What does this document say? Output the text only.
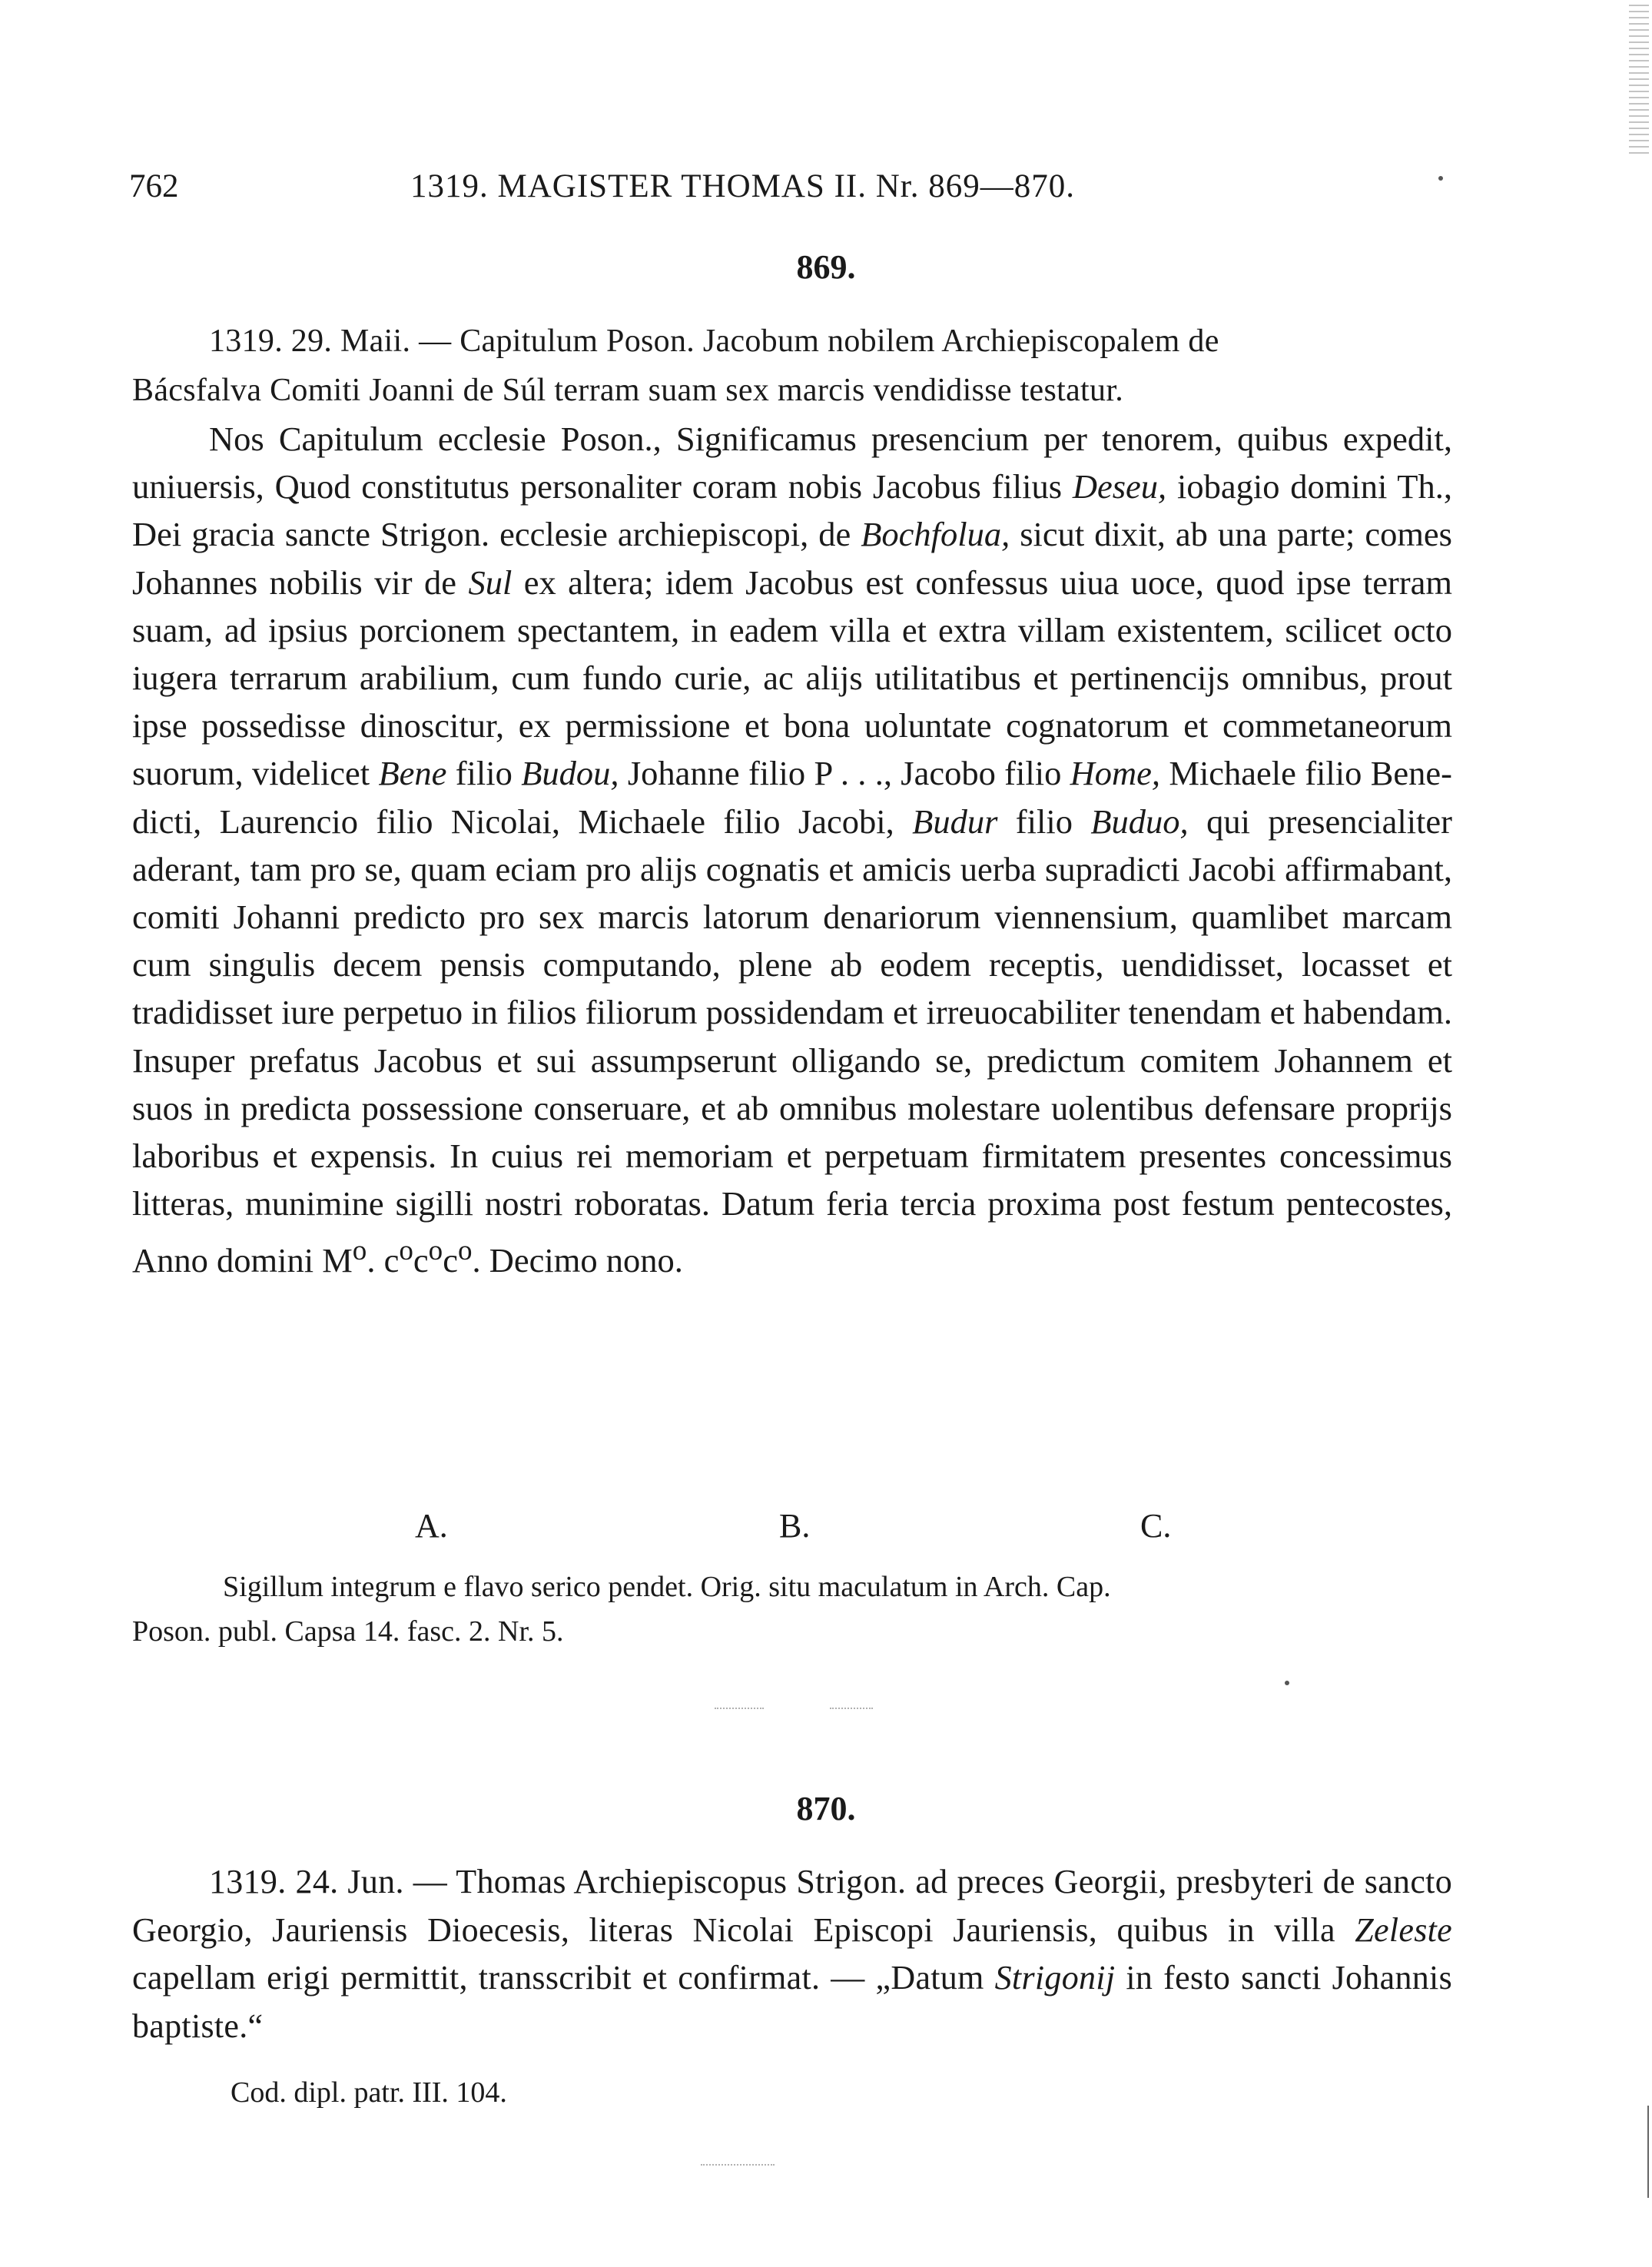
762	1319. MAGISTER THOMAS II. Nr. 869—870.
869.
1319. 29. Maii. — Capitulum Poson. Jacobum nobilem Archiepiscopalem de
Bácsfalva Comiti Joanni de Súl terram suam sex marcis vendidisse testatur.

Nos Capitulum ecclesie Poson., Significamus presencium per tenorem, quibus expedit, uniuersis, Quod constitutus personaliter coram nobis Jacobus filius Deseu, iobagio domini Th., Dei gracia sancte Strigon. ecclesie archiepiscopi, de Bochfolua, sicut dixit, ab una parte; comes Johannes nobilis vir de Sul ex altera; idem Jacobus est confessus uiua uoce, quod ipse terram suam, ad ipsius porcionem spectantem, in eadem villa et extra villam existentem, scilicet octo iugera terrarum arabilium, cum fundo curie, ac alijs utilitatibus et pertinencijs omnibus, prout ipse possedisse dinoscitur, ex permissione et bona uoluntate cognatorum et commetaneorum suorum, videlicet Bene filio Budou, Johanne filio P . . ., Jacobo filio Home, Michaele filio Benedicti, Laurencio filio Nicolai, Michaele filio Jacobi, Budur filio Buduo, qui presencialiter aderant, tam pro se, quam eciam pro alijs cognatis et amicis uerba supradicti Jacobi affirmabant, comiti Johanni predicto pro sex marcis latorum denariorum viennensium, quamlibet marcam cum singulis decem pensis computando, plene ab eodem receptis, uendidisset, locasset et tradidisset iure perpetuo in filios filiorum possidendam et irreuocabiliter tenendam et habendam. Insuper prefatus Jacobus et sui assumpserunt olligando se, predictum comitem Johannem et suos in predicta possessione conseruare, et ab omnibus molestare uolentibus defensare proprijs laboribus et expensis. In cuius rei memoriam et perpetuam firmitatem presentes concessimus litteras, munimine sigilli nostri roboratas. Datum feria tercia proxima post festum pentecostes, Anno domini $M^o$. $c^oc^oc^o$. Decimo nono.

A.	B.	C.
Sigillum integrum e flavo serico pendet. Orig. situ maculatum in Arch. Cap.
Poson. publ. Capsa 14. fasc. 2. Nr. 5.
870.
1319. 24. Jun. — Thomas Archiepiscopus Strigon. ad preces Georgii, presbyteri de sancto Georgio, Jauriensis Dioecesis, literas Nicolai Episcopi Jauriensis, quibus in villa Zeleste capellam erigi permittit, transscribit et confirmat. — „Datum Strigonij in festo sancti Johannis baptiste.“
Cod. dipl. patr. III. 104.
